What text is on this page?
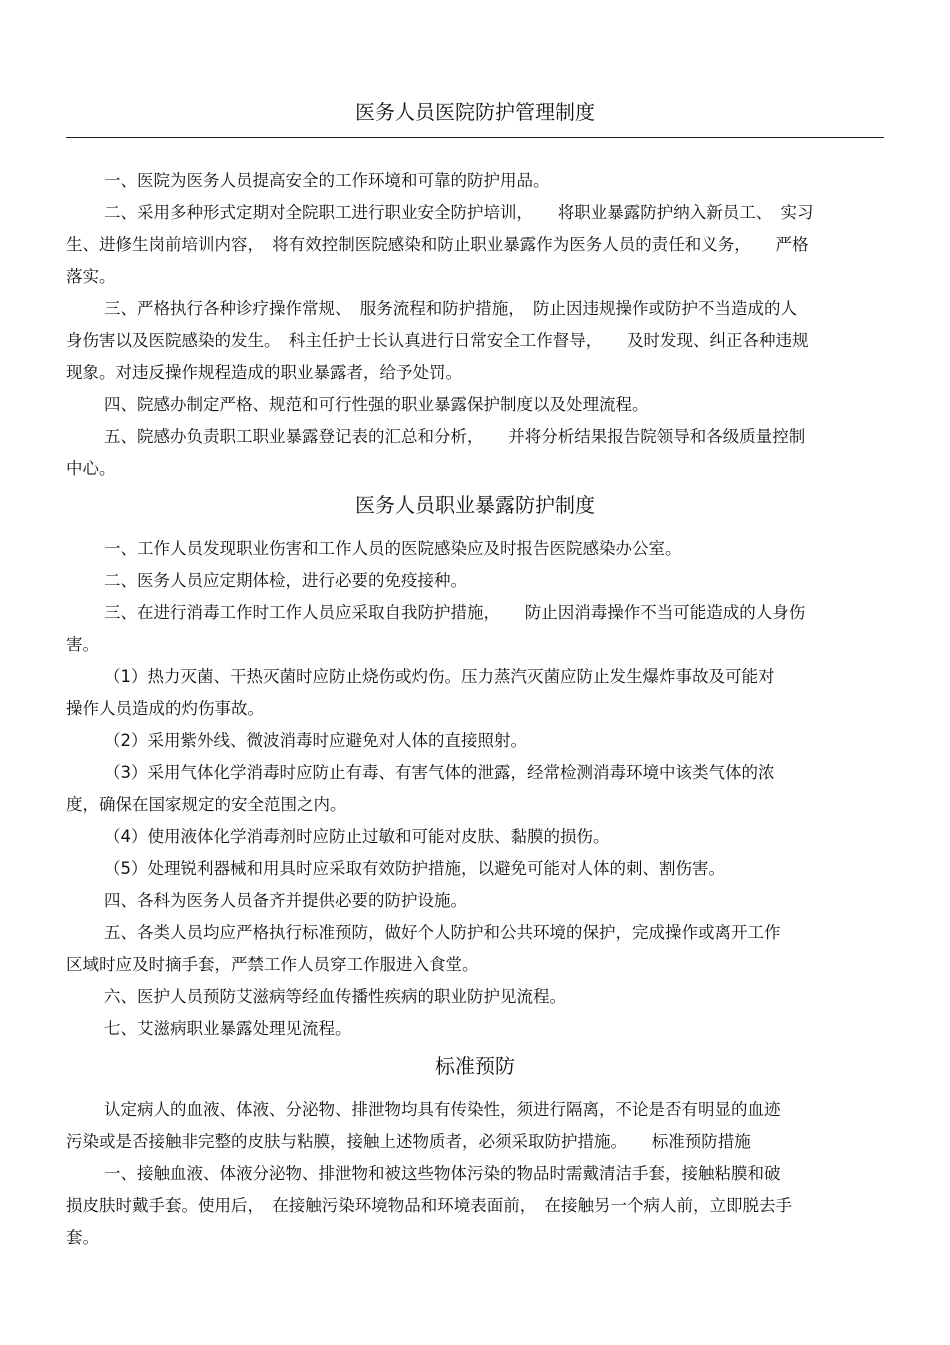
医务人员医院防护管理制度
一、医院为医务人员提高安全的工作环境和可靠的防护用品。
二、采用多种形式定期对全院职工进行职业安全防护培训，　　将职业暴露防护纳入新员工、　实习
生、进修生岗前培训内容，　将有效控制医院感染和防止职业暴露作为医务人员的责任和义务，　　严格
落实。
三、严格执行各种诊疗操作常规、　服务流程和防护措施，　防止因违规操作或防护不当造成的人
身伤害以及医院感染的发生。　科主任护士长认真进行日常安全工作督导，　　及时发现、纠正各种违规
现象。对违反操作规程造成的职业暴露者，给予处罚。
四、院感办制定严格、规范和可行性强的职业暴露保护制度以及处理流程。
五、院感办负责职工职业暴露登记表的汇总和分析，　　并将分析结果报告院领导和各级质量控制
中心。
医务人员职业暴露防护制度
一、工作人员发现职业伤害和工作人员的医院感染应及时报告医院感染办公室。
二、医务人员应定期体检，进行必要的免疫接种。
三、在进行消毒工作时工作人员应采取自我防护措施，　　防止因消毒操作不当可能造成的人身伤
害。
（1）热力灭菌、干热灭菌时应防止烧伤或灼伤。压力蒸汽灭菌应防止发生爆炸事故及可能对
操作人员造成的灼伤事故。
（2）采用紫外线、微波消毒时应避免对人体的直接照射。
（3）采用气体化学消毒时应防止有毒、有害气体的泄露，经常检测消毒环境中该类气体的浓
度，确保在国家规定的安全范围之内。
（4）使用液体化学消毒剂时应防止过敏和可能对皮肤、黏膜的损伤。
（5）处理锐利器械和用具时应采取有效防护措施，以避免可能对人体的刺、割伤害。
四、各科为医务人员备齐并提供必要的防护设施。
五、各类人员均应严格执行标准预防，做好个人防护和公共环境的保护，完成操作或离开工作
区域时应及时摘手套，严禁工作人员穿工作服进入食堂。
六、医护人员预防艾滋病等经血传播性疾病的职业防护见流程。
七、艾滋病职业暴露处理见流程。
标准预防
认定病人的血液、体液、分泌物、排泄物均具有传染性，须进行隔离，不论是否有明显的血迹
污染或是否接触非完整的皮肤与粘膜，接触上述物质者，必须采取防护措施。　　标准预防措施
一、接触血液、体液分泌物、排泄物和被这些物体污染的物品时需戴清洁手套，接触粘膜和破
损皮肤时戴手套。使用后，　在接触污染环境物品和环境表面前，　在接触另一个病人前，立即脱去手
套。
